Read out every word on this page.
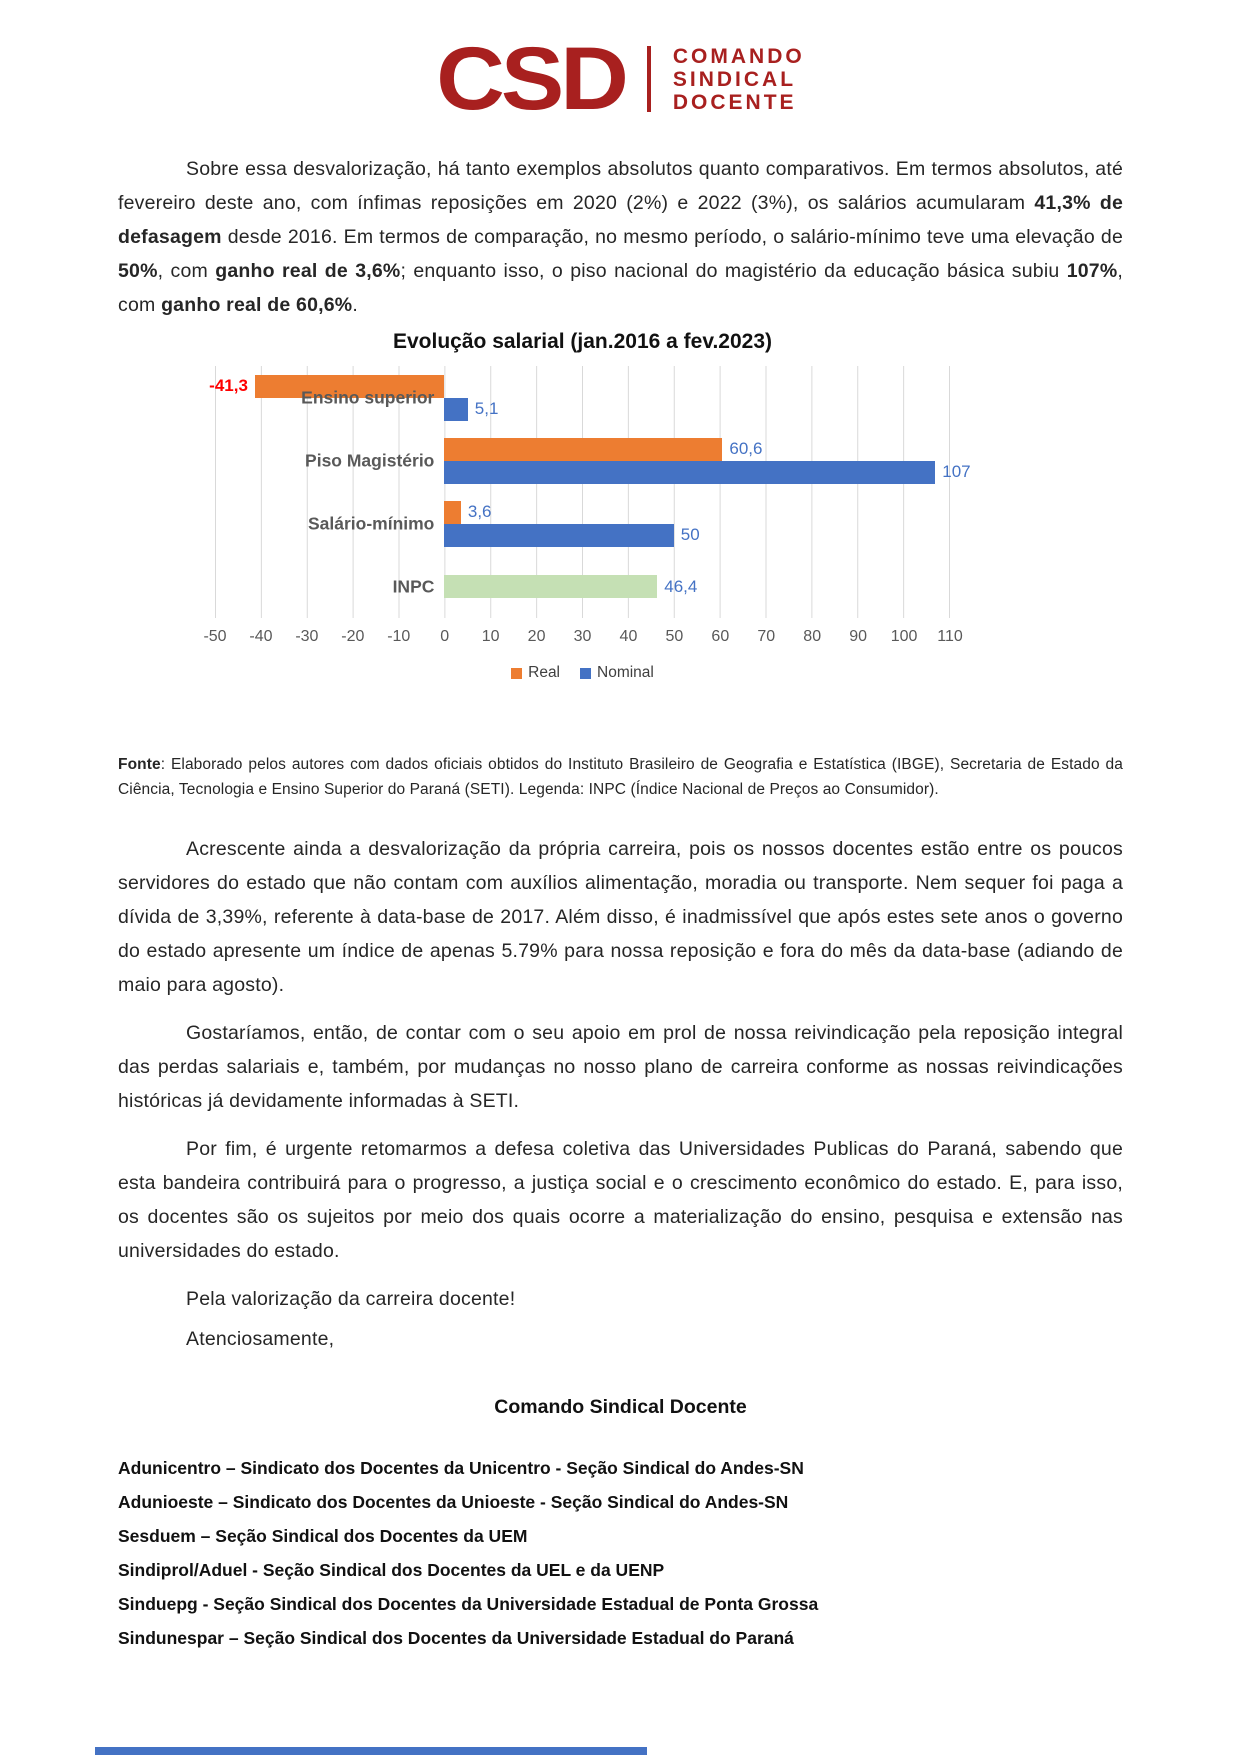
CSD COMANDO
SINDICAL
DOCENTE

Sobre essa desvalorização, há tanto exemplos absolutos quanto comparativos. Em termos absolutos, até fevereiro deste ano, com ínfimas reposições em 2020 (2%) e 2022 (3%), os salários acumularam 41,3% de defasagem desde 2016. Em termos de comparação, no mesmo período, o salário-mínimo teve uma elevação de 50%, com ganho real de 3,6%; enquanto isso, o piso nacional do magistério da educação básica subiu 107%, com ganho real de 60,6%.

Evolução salarial (jan.2016 a fev.2023)
Ensino superior
-41,3
5,1
Piso Magistério
60,6
107
Salário-mínimo
3,6
50
INPC	46,4
-50 -40 -30 -20 -10 0 10 20 30 40 50 60 70 80 90 100 110
Real Nominal

Fonte: Elaborado pelos autores com dados oficiais obtidos do Instituto Brasileiro de Geografia e Estatística (IBGE), Secretaria de Estado da Ciência, Tecnologia e Ensino Superior do Paraná (SETI). Legenda: INPC (Índice Nacional de Preços ao Consumidor).

Acrescente ainda a desvalorização da própria carreira, pois os nossos docentes estão entre os poucos servidores do estado que não contam com auxílios alimentação, moradia ou transporte. Nem sequer foi paga a dívida de 3,39%, referente à data-base de 2017. Além disso, é inadmissível que após estes sete anos o governo do estado apresente um índice de apenas 5.79% para nossa reposição e fora do mês da data-base (adiando de maio para agosto).

Gostaríamos, então, de contar com o seu apoio em prol de nossa reivindicação pela reposição integral das perdas salariais e, também, por mudanças no nosso plano de carreira conforme as nossas reivindicações históricas já devidamente informadas à SETI.

Por fim, é urgente retomarmos a defesa coletiva das Universidades Publicas do Paraná, sabendo que esta bandeira contribuirá para o progresso, a justiça social e o crescimento econômico do estado. E, para isso, os docentes são os sujeitos por meio dos quais ocorre a materialização do ensino, pesquisa e extensão nas universidades do estado.

Pela valorização da carreira docente!

Atenciosamente,

Comando Sindical Docente
Adunicentro – Sindicato dos Docentes da Unicentro - Seção Sindical do Andes-SN
Adunioeste – Sindicato dos Docentes da Unioeste - Seção Sindical do Andes-SN
Sesduem – Seção Sindical dos Docentes da UEM
Sindiprol/Aduel - Seção Sindical dos Docentes da UEL e da UENP
Sinduepg - Seção Sindical dos Docentes da Universidade Estadual de Ponta Grossa
Sindunespar – Seção Sindical dos Docentes da Universidade Estadual do Paraná
